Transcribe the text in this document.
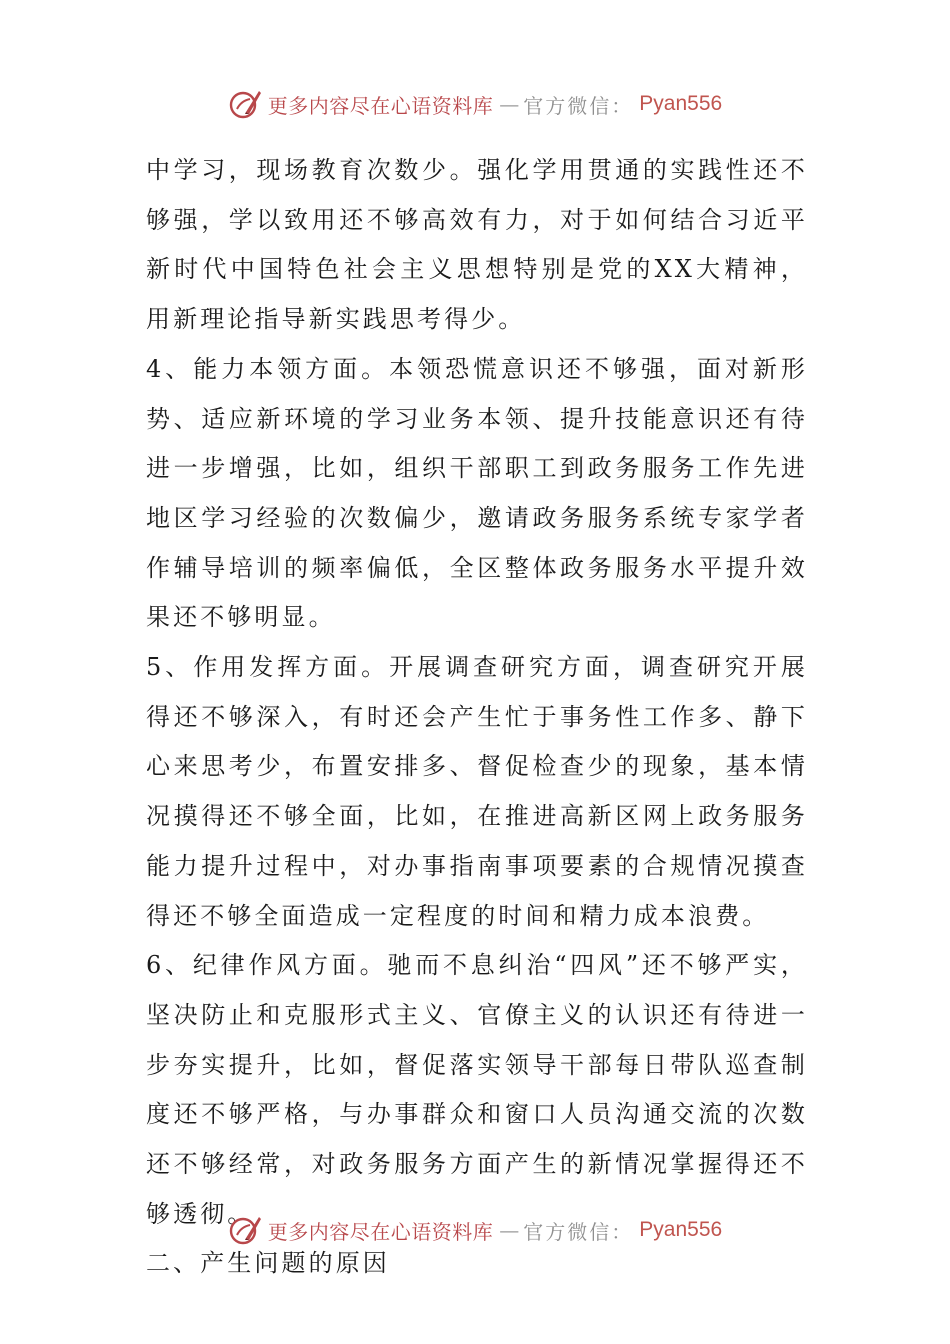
更多内容尽在心语资料库 — 官方微信： Pyan556

中学习，现场教育次数少。强化学用贯通的实践性还不够强，学以致用还不够高效有力，对于如何结合习近平新时代中国特色社会主义思想特别是党的XX大精神，用新理论指导新实践思考得少。

4、能力本领方面。本领恐慌意识还不够强，面对新形势、适应新环境的学习业务本领、提升技能意识还有待进一步增强，比如，组织干部职工到政务服务工作先进地区学习经验的次数偏少，邀请政务服务系统专家学者作辅导培训的频率偏低，全区整体政务服务水平提升效果还不够明显。

5、作用发挥方面。开展调查研究方面，调查研究开展得还不够深入，有时还会产生忙于事务性工作多、静下心来思考少，布置安排多、督促检查少的现象，基本情况摸得还不够全面，比如，在推进高新区网上政务服务能力提升过程中，对办事指南事项要素的合规情况摸查得还不够全面造成一定程度的时间和精力成本浪费。

6、纪律作风方面。驰而不息纠治“四风”还不够严实，坚决防止和克服形式主义、官僚主义的认识还有待进一步夯实提升，比如，督促落实领导干部每日带队巡查制度还不够严格，与办事群众和窗口人员沟通交流的次数还不够经常，对政务服务方面产生的新情况掌握得还不够透彻。

二、产生问题的原因

更多内容尽在心语资料库 — 官方微信： Pyan556
